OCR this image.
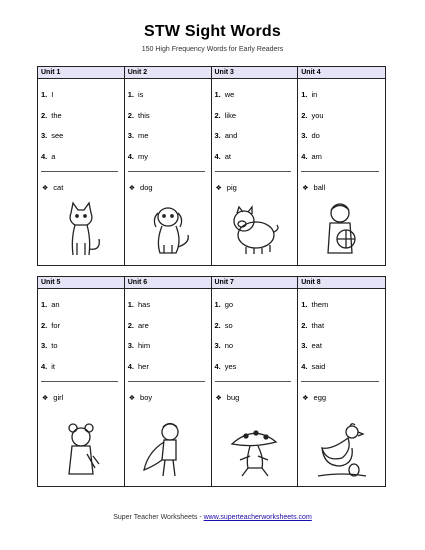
STW Sight Words
150 High Frequency Words for Early Readers
Unit 1
1. I
2. the
3. see
4. a
❖ cat
Unit 2
1. is
2. this
3. me
4. my
❖ dog
Unit 3
1. we
2. like
3. and
4. at
❖ pig
Unit 4
1. in
2. you
3. do
4. am
❖ ball
Unit 5
1. an
2. for
3. to
4. it
❖ girl
Unit 6
1. has
2. are
3. him
4. her
❖ boy
Unit 7
1. go
2. so
3. no
4. yes
❖ bug
Unit 8
1. them
2. that
3. eat
4. said
❖ egg
Super Teacher Worksheets - www.superteacherworksheets.com
